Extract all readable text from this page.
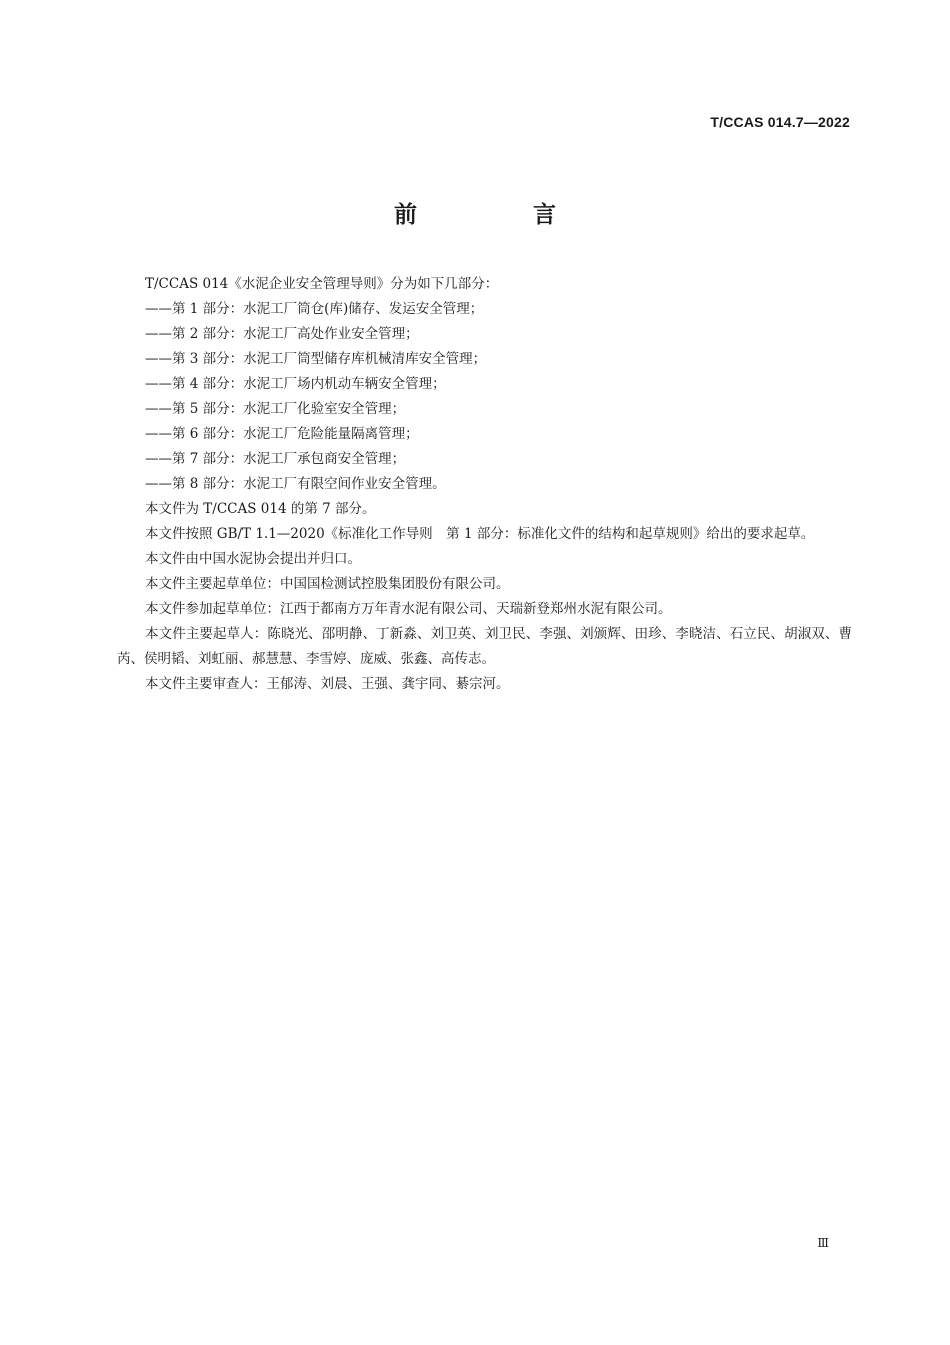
T/CCAS 014.7—2022
前 言

T/CCAS 014《水泥企业安全管理导则》分为如下几部分：

——第 1 部分：水泥工厂筒仓(库)储存、发运安全管理；

——第 2 部分：水泥工厂高处作业安全管理；

——第 3 部分：水泥工厂筒型储存库机械清库安全管理；

——第 4 部分：水泥工厂场内机动车辆安全管理；

——第 5 部分：水泥工厂化验室安全管理；

——第 6 部分：水泥工厂危险能量隔离管理；

——第 7 部分：水泥工厂承包商安全管理；

——第 8 部分：水泥工厂有限空间作业安全管理。

本文件为 T/CCAS 014 的第 7 部分。

本文件按照 GB/T 1.1—2020《标准化工作导则　第 1 部分：标准化文件的结构和起草规则》给出的要求起草。

本文件由中国水泥协会提出并归口。

本文件主要起草单位：中国国检测试控股集团股份有限公司。

本文件参加起草单位：江西于都南方万年青水泥有限公司、天瑞新登郑州水泥有限公司。

本文件主要起草人：陈晓光、邵明静、丁新淼、刘卫英、刘卫民、李强、刘颁辉、田珍、李晓洁、石立民、胡淑双、曹芮、侯明韬、刘虹丽、郝慧慧、李雪婷、庞威、张鑫、高传志。

本文件主要审查人：王郁涛、刘晨、王强、龚宇同、綦宗河。

Ⅲ
